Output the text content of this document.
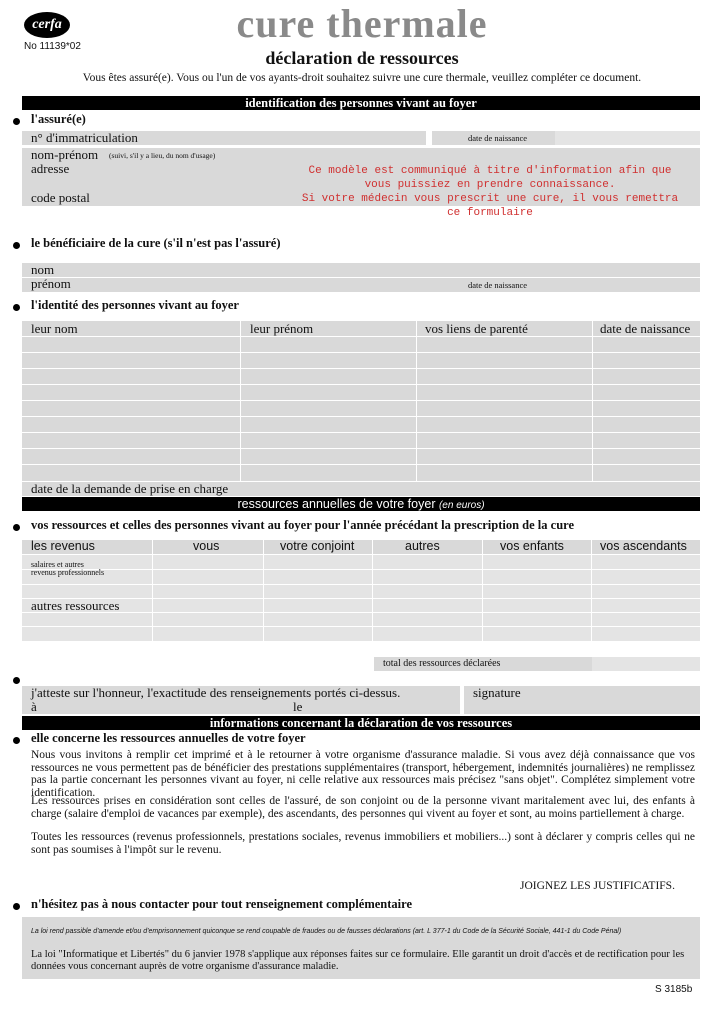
cerfa
No 11139*02
cure thermale
déclaration de ressources
Vous êtes assuré(e). Vous ou l'un de vos ayants-droit souhaitez suivre une cure thermale, veuillez compléter ce document.
identification des personnes vivant au foyer
l'assuré(e)
n° d'immatriculation	date de naissance
nom-prénom (suivi, s'il y a lieu, du nom d'usage)
adresse
code postal
Ce modèle est communiqué à titre d'information afin que
vous puissiez en prendre connaissance.
Si votre médecin vous prescrit une cure, il vous remettra
ce formulaire
le bénéficiaire de la cure (s'il n'est pas l'assuré)
nom
prénom	date de naissance
l'identité des personnes vivant au foyer
leur nom	leur prénom	vos liens de parenté	date de naissance
date de la demande de prise en charge
ressources annuelles de votre foyer (en euros)
vos ressources et celles des personnes vivant au foyer pour l'année précédant la prescription de la cure
les revenus	vous	votre conjoint	autres	vos enfants	vos ascendants
salaires et autres
revenus professionnels
autres ressources
total des ressources déclarées
j'atteste sur l'honneur, l'exactitude des renseignements portés ci-dessus.
à	le
signature
informations concernant la déclaration de vos ressources
elle concerne les ressources annuelles de votre foyer
Nous vous invitons à remplir cet imprimé et à le retourner à votre organisme d'assurance maladie. Si vous avez déjà connaissance que vos ressources ne vous permettent pas de bénéficier des prestations supplémentaires (transport, hébergement, indemnités journalières) ne remplissez pas la partie concernant les personnes vivant au foyer, ni celle relative aux ressources mais précisez "sans objet". Complétez simplement votre identification.
Les ressources prises en considération sont celles de l'assuré, de son conjoint ou de la personne vivant maritalement avec lui, des enfants à charge (salaire d'emploi de vacances par exemple), des ascendants, des personnes qui vivent au foyer et sont, au moins partiellement à charge.
Toutes les ressources (revenus professionnels, prestations sociales, revenus immobiliers et mobiliers...) sont à déclarer y compris celles qui ne sont pas soumises à l'impôt sur le revenu.
JOIGNEZ LES JUSTIFICATIFS.
n'hésitez pas à nous contacter pour tout renseignement complémentaire
La loi rend passible d'amende et/ou d'emprisonnement quiconque se rend coupable de fraudes ou de fausses déclarations (art. L 377-1 du Code de la Sécurité Sociale, 441-1 du Code Pénal)
La loi "Informatique et Libertés" du 6 janvier 1978 s'applique aux réponses faites sur ce formulaire. Elle garantit un droit d'accès et de rectification pour les données vous concernant auprès de votre organisme d'assurance maladie.
S 3185b
